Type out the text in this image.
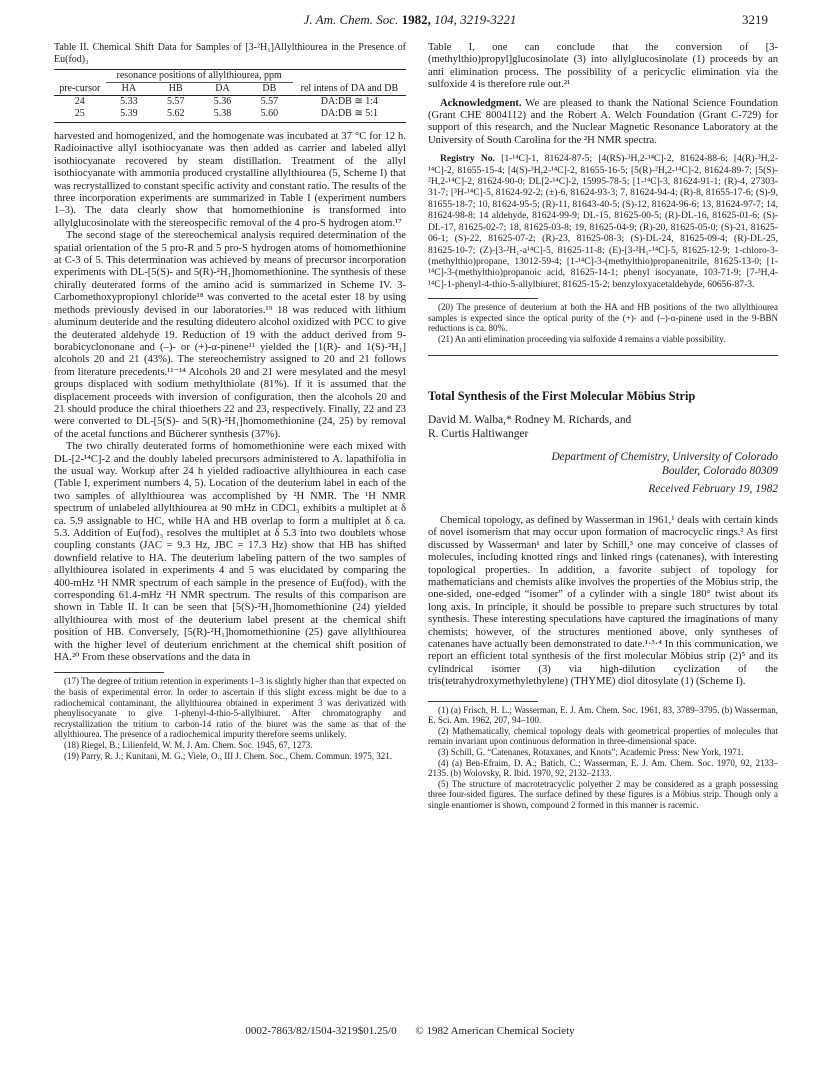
J. Am. Chem. Soc. 1982, 104, 3219-3221	3219
Table II. Chemical Shift Data for Samples of [3-²H₁]Allylthiourea in the Presence of Eu(fod)₃
	resonance positions of allylthiourea, ppm				
pre-cursor	HA	HB	DA	DB	rel intens of DA and DB
24	5.33	5.57	5.36	5.57	DA:DB ≅ 1:4
25	5.39	5.62	5.38	5.60	DA:DB ≅ 5:1

harvested and homogenized, and the homogenate was incubated at 37 °C for 12 h. Radioinactive allyl isothiocyanate was then added as carrier and labeled allyl isothiocyanate recovered by steam distillation. Treatment of the allyl isothiocyanate with ammonia produced crystalline allylthiourea (5, Scheme I) that was recrystallized to constant specific activity and constant ratio. The results of the three incorporation experiments are summarized in Table I (experiment numbers 1–3). The data clearly show that homomethionine is transformed into allylglucosinolate with the stereospecific removal of the 4 pro-S hydrogen atom.¹⁷

The second stage of the stereochemical analysis required determination of the spatial orientation of the 5 pro-R and 5 pro-S hydrogen atoms of homomethionine at C-3 of 5. This determination was achieved by means of precursor incorporation experiments with DL-[5(S)- and 5(R)-²H₁]homomethionine. The synthesis of these chirally deuterated forms of the amino acid is summarized in Scheme IV. 3-Carbomethoxypropionyl chloride¹⁸ was converted to the acetal ester 18 by using methods previously devised in our laboratories.¹⁹ 18 was reduced with lithium aluminum deuteride and the resulting dideutero alcohol oxidized with PCC to give the deuterated aldehyde 19. Reduction of 19 with the adduct derived from 9-borabicyclononane and (–)- or (+)-α-pinene¹¹ yielded the [1(R)- and 1(S)-²H₁] alcohols 20 and 21 (43%). The stereochemistry assigned to 20 and 21 follows from literature precedents.¹¹⁻¹⁴ Alcohols 20 and 21 were mesylated and the mesyl groups displaced with sodium methylthiolate (81%). If it is assumed that the displacement proceeds with inversion of configuration, then the alcohols 20 and 21 should produce the chiral thioethers 22 and 23, respectively. Finally, 22 and 23 were converted to DL-[5(S)- and 5(R)-²H₁]homomethionine (24, 25) by removal of the acetal functions and Bücherer synthesis (37%).

The two chirally deuterated forms of homomethionine were each mixed with DL-[2-¹⁴C]-2 and the doubly labeled precursors administered to A. lapathifolia in the usual way. Workup after 24 h yielded radioactive allylthiourea in each case (Table I, experiment numbers 4, 5). Location of the deuterium label in each of the two samples of allylthiourea was accomplished by ²H NMR. The ¹H NMR spectrum of unlabeled allylthiourea at 90 mHz in CDCl₃ exhibits a multiplet at δ ca. 5.9 assignable to HC, while HA and HB overlap to form a multiplet at δ ca. 5.3. Addition of Eu(fod)₃ resolves the multiplet at δ 5.3 into two doublets whose coupling constants (JAC = 9.3 Hz, JBC = 17.3 Hz) show that HB has shifted downfield relative to HA. The deuterium labeling pattern of the two samples of allylthiourea isolated in experiments 4 and 5 was elucidated by comparing the 400-mHz ¹H NMR spectrum of each sample in the presence of Eu(fod)₃ with the corresponding 61.4-mHz ²H NMR spectrum. The results of this comparison are shown in Table II. It can be seen that [5(S)-²H₁]homomethionine (24) yielded allylthiourea with most of the deuterium label present at the chemical shift position of HB. Conversely, [5(R)-²H₁]homomethionine (25) gave allylthiourea with the higher level of deuterium enrichment at the chemical shift position of HA.²⁰ From these observations and the data in

(17) The degree of tritium retention in experiments 1–3 is slightly higher than that expected on the basis of experimental error. In order to ascertain if this slight excess might be due to a radiochemical contaminant, the allylthiourea obtained in experiment 3 was derivatized with phenylisocyanate to give 1-phenyl-4-thio-5-allylbiuret. After chromatography and recrystallization the tritium to carbon-14 ratio of the biuret was the same as that of the allylthiourea. The presence of a radiochemical impurity therefore seems unlikely.

(18) Riegel, B.; Lilienfeld, W. M. J. Am. Chem. Soc. 1945, 67, 1273.

(19) Parry, R. J.; Kunitani, M. G.; Viele, O., III J. Chem. Soc., Chem. Commun. 1975, 321.

Table I, one can conclude that the conversion of [3-(methylthio)propyl]glucosinolate (3) into allylglucosinolate (1) proceeds by an anti elimination process. The possibility of a pericyclic elimination via the sulfoxide 4 is therefore rule out.²¹

Acknowledgment. We are pleased to thank the National Science Foundation (Grant CHE 8004112) and the Robert A. Welch Foundation (Grant C-729) for support of this research, and the Nuclear Magnetic Resonance Laboratory at the University of South Carolina for the ²H NMR spectra.

Registry No. [1-¹⁴C]-1, 81624-87-5; [4(RS)-³H,2-¹⁴C]-2, 81624-88-6; [4(R)-³H,2-¹⁴C]-2, 81655-15-4; [4(S)-³H,2-¹⁴C]-2, 81655-16-5; [5(R)-²H,2-¹⁴C]-2, 81624-89-7; [5(S)-²H,2-¹⁴C]-2, 81624-90-0; DL[2-¹⁴C]-2, 15995-78-5; [1-¹⁴C]-3, 81624-91-1; (R)-4, 27303-31-7; [³H-¹⁴C]-5, 81624-92-2; (±)-6, 81624-93-3; 7, 81624-94-4; (R)-8, 81655-17-6; (S)-9, 81655-18-7; 10, 81624-95-5; (R)-11, 81643-40-5; (S)-12, 81624-96-6; 13, 81624-97-7; 14, 81624-98-8; 14 aldehyde, 81624-99-9; DL-15, 81625-00-5; (R)-DL-16, 81625-01-6; (S)-DL-17, 81625-02-7; 18, 81625-03-8; 19, 81625-04-9; (R)-20, 81625-05-0; (S)-21, 81625-06-1; (S)-22, 81625-07-2; (R)-23, 81625-08-3; (S)-DL-24, 81625-09-4; (R)-DL-25, 81625-10-7; (Z)-[3-²H₁-a¹⁴C]-5, 81625-11-8; (E)-[3-²H₁-¹⁴C]-5, 81625-12-9; 1-chloro-3-(methylthio)propane, 13012-59-4; [1-¹⁴C]-3-(methylthio)propanenitrile, 81625-13-0; [1-¹⁴C]-3-(methylthio)propanoic acid, 81625-14-1; phenyl isocyanate, 103-71-9; [7-³H,4-¹⁴C]-1-phenyl-4-thio-5-allylbiuret, 81625-15-2; benzyloxyacetaldehyde, 60656-87-3.

(20) The presence of deuterium at both the HA and HB positions of the two allylthiourea samples is expected since the optical purity of the (+)- and (–)-α-pinene used in the 9-BBN reductions is ca. 80%.

(21) An anti elimination proceeding via sulfoxide 4 remains a viable possibility.

Total Synthesis of the First Molecular Möbius Strip
David M. Walba,* Rodney M. Richards, and
R. Curtis Haltiwanger
Department of Chemistry, University of Colorado
Boulder, Colorado 80309
Received February 19, 1982

Chemical topology, as defined by Wasserman in 1961,¹ deals with certain kinds of novel isomerism that may occur upon formation of macrocyclic rings.² As first discussed by Wasserman¹ and later by Schill,³ one may conceive of classes of molecules, including knotted rings and linked rings (catenanes), with interesting topological properties. In addition, a favorite subject of topology for mathematicians and chemists alike involves the properties of the Möbius strip, the one-sided, one-edged “isomer” of a cylinder with a single 180° twist about its long axis. In principle, it should be possible to prepare such structures by total synthesis. These interesting speculations have captured the imaginations of many chemists; however, of the structures mentioned above, only syntheses of catenanes have actually been demonstrated to date.¹·³·⁴ In this communication, we report an efficient total synthesis of the first molecular Möbius strip (2)⁵ and its cylindrical isomer (3) via high-dilution cyclization of the tris(tetrahydroxymethylethylene) (THYME) diol ditosylate (1) (Scheme I).

(1) (a) Frisch, H. L.; Wasserman, E. J. Am. Chem. Soc. 1961, 83, 3789–3795. (b) Wasserman, E. Sci. Am. 1962, 207, 94–100.

(2) Mathematically, chemical topology deals with geometrical properties of molecules that remain invariant upon continuous deformation in three-dimensional space.

(3) Schill, G. “Catenanes, Rotaxanes, and Knots”; Academic Press: New York, 1971.

(4) (a) Ben-Efraim, D. A.; Batich, C.; Wasserman, E. J. Am. Chem. Soc. 1970, 92, 2133–2135. (b) Wolovsky, R. Ibid. 1970, 92, 2132–2133.

(5) The structure of macrotetracyclic polyether 2 may be considered as a graph possessing three four-sided figures. The surface defined by these figures is a Möbius strip. Though only a single enantiomer is shown, compound 2 formed in this manner is racemic.

0002-7863/82/1504-3219$01.25/0 © 1982 American Chemical Society
